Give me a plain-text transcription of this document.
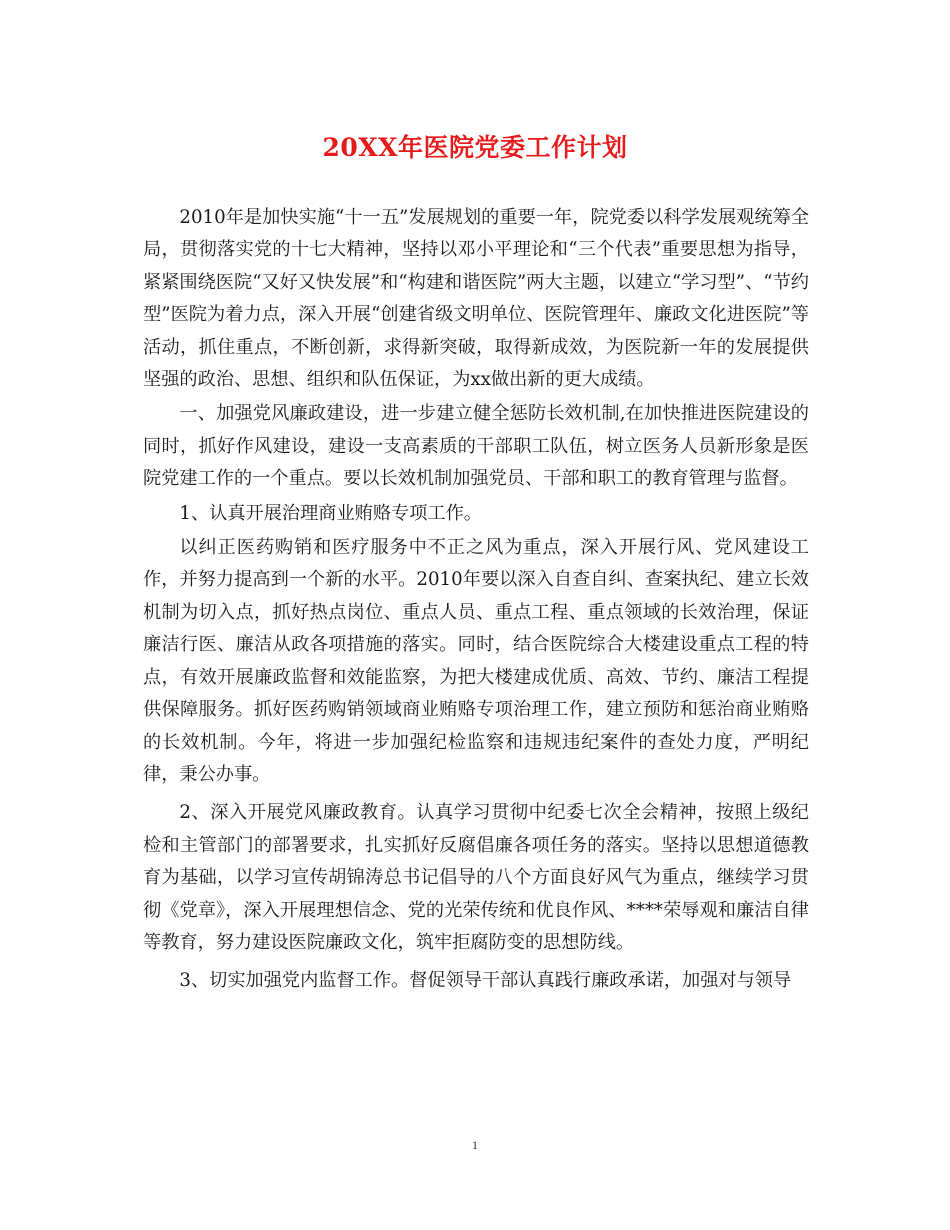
20XX年医院党委工作计划

2010年是加快实施“十一五”发展规划的重要一年，院党委以科学发展观统筹全局，贯彻落实党的十七大精神，坚持以邓小平理论和“三个代表”重要思想为指导，紧紧围绕医院“又好又快发展”和“构建和谐医院”两大主题，以建立“学习型”、“节约型”医院为着力点，深入开展“创建省级文明单位、医院管理年、廉政文化进医院”等活动，抓住重点，不断创新，求得新突破，取得新成效，为医院新一年的发展提供坚强的政治、思想、组织和队伍保证，为xx做出新的更大成绩。

一、加强党风廉政建设，进一步建立健全惩防长效机制,在加快推进医院建设的同时，抓好作风建设，建设一支高素质的干部职工队伍，树立医务人员新形象是医院党建工作的一个重点。要以长效机制加强党员、干部和职工的教育管理与监督。

1、认真开展治理商业贿赂专项工作。

以纠正医药购销和医疗服务中不正之风为重点，深入开展行风、党风建设工作，并努力提高到一个新的水平。2010年要以深入自查自纠、查案执纪、建立长效机制为切入点，抓好热点岗位、重点人员、重点工程、重点领域的长效治理，保证廉洁行医、廉洁从政各项措施的落实。同时，结合医院综合大楼建设重点工程的特点，有效开展廉政监督和效能监察，为把大楼建成优质、高效、节约、廉洁工程提供保障服务。抓好医药购销领域商业贿赂专项治理工作，建立预防和惩治商业贿赂的长效机制。今年，将进一步加强纪检监察和违规违纪案件的查处力度，严明纪律，秉公办事。

2、深入开展党风廉政教育。认真学习贯彻中纪委七次全会精神，按照上级纪检和主管部门的部署要求，扎实抓好反腐倡廉各项任务的落实。坚持以思想道德教育为基础，以学习宣传胡锦涛总书记倡导的八个方面良好风气为重点，继续学习贯彻《党章》，深入开展理想信念、党的光荣传统和优良作风、****荣辱观和廉洁自律等教育，努力建设医院廉政文化，筑牢拒腐防变的思想防线。

3、切实加强党内监督工作。督促领导干部认真践行廉政承诺，加强对与领导

1
